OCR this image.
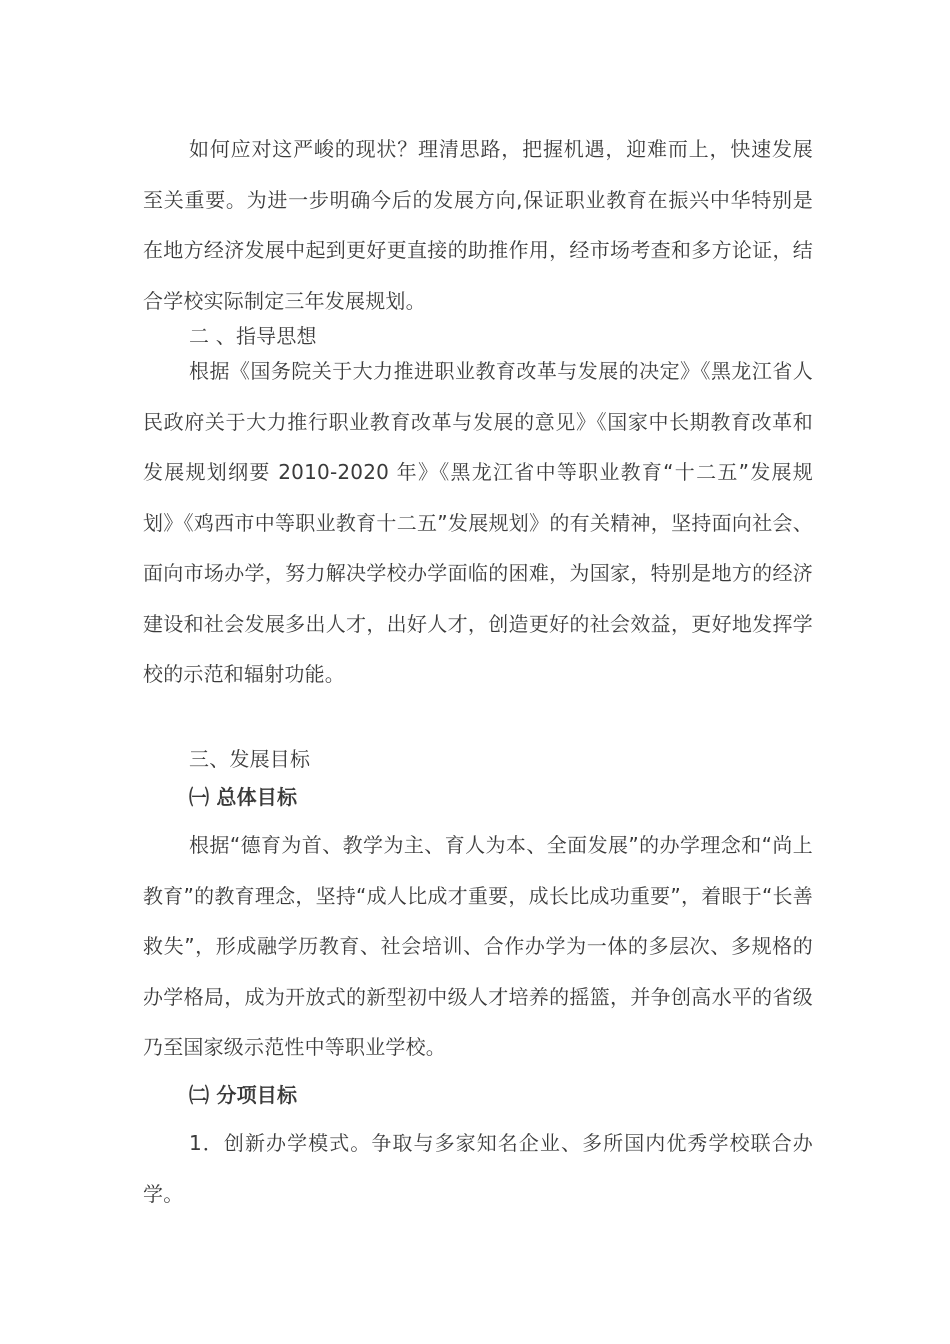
如何应对这严峻的现状？理清思路，把握机遇，迎难而上，快速发展至关重要。为进一步明确今后的发展方向,保证职业教育在振兴中华特别是在地方经济发展中起到更好更直接的助推作用，经市场考查和多方论证，结合学校实际制定三年发展规划。

二 、指导思想

根据《国务院关于大力推进职业教育改革与发展的决定》《黑龙江省人民政府关于大力推行职业教育改革与发展的意见》《国家中长期教育改革和发展规划纲要 2010-2020 年》《黑龙江省中等职业教育“十二五”发展规划》《鸡西市中等职业教育十二五”发展规划》的有关精神，坚持面向社会、面向市场办学，努力解决学校办学面临的困难，为国家，特别是地方的经济建设和社会发展多出人才，出好人才，创造更好的社会效益，更好地发挥学校的示范和辐射功能。

三、发展目标
㈠ 总体目标

根据“德育为首、教学为主、育人为本、全面发展”的办学理念和“尚上教育”的教育理念，坚持“成人比成才重要，成长比成功重要”，着眼于“长善救失”，形成融学历教育、社会培训、合作办学为一体的多层次、多规格的办学格局，成为开放式的新型初中级人才培养的摇篮，并争创高水平的省级乃至国家级示范性中等职业学校。

㈡ 分项目标

1．创新办学模式。争取与多家知名企业、多所国内优秀学校联合办学。
